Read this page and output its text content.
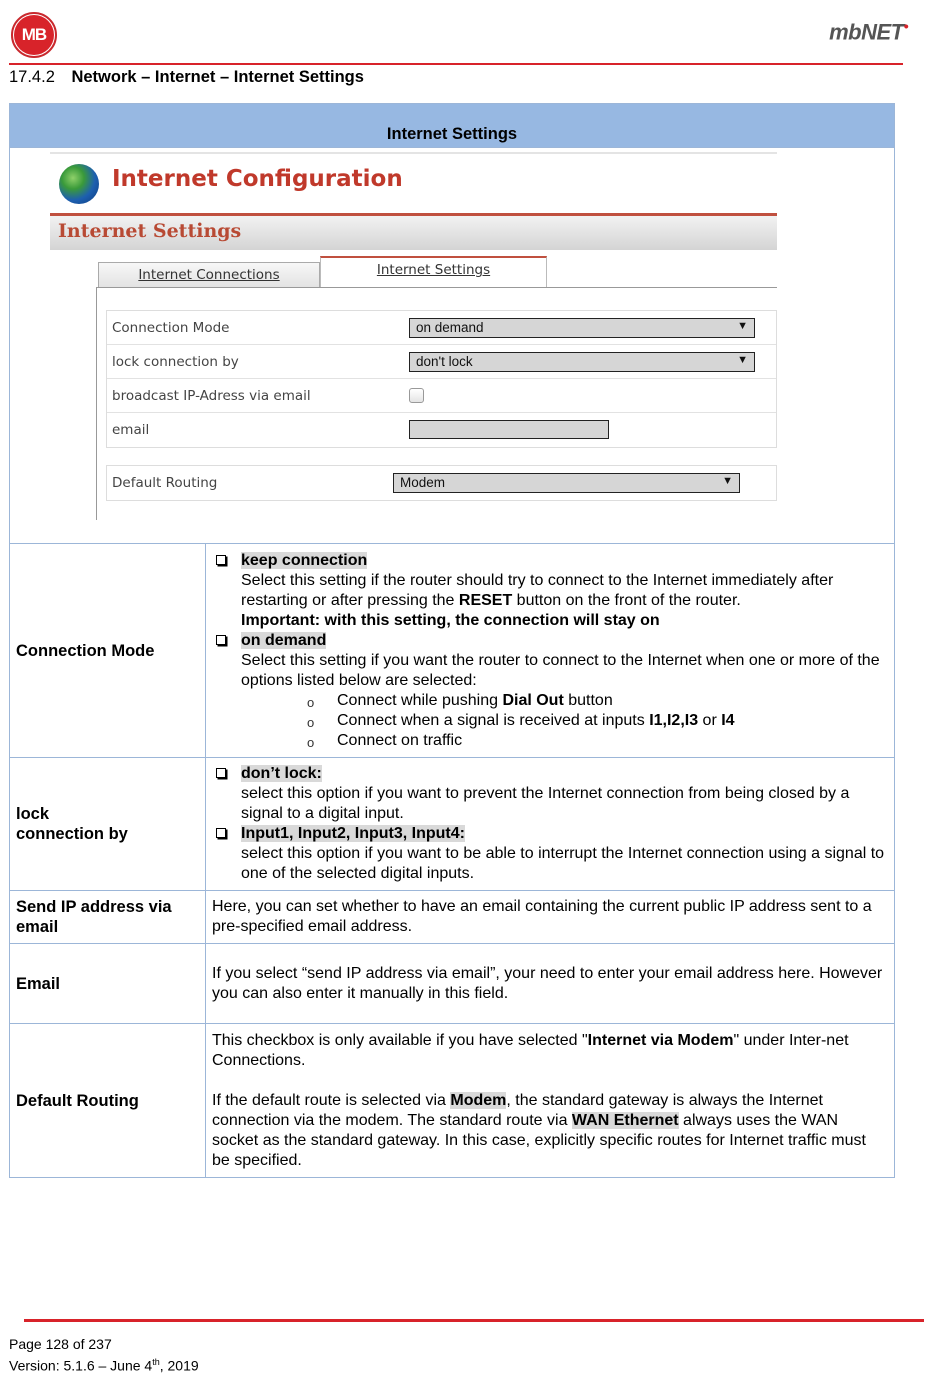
MB	mbNET•
17.4.2 Network – Internet – Internet Settings
Internet Settings	

Internet Configuration
Internet Settings
Internet Connections	Internet Settings
Connection Mode	on demand	▼
lock connection by	don't lock	▼
broadcast IP-Adress via email
email
Default Routing	Modem	▼

Connection Mode	
keep connection
Select this setting if the router should try to connect to the Internet immediately after restarting or after pressing the RESET button on the front of the router.
Important: with this setting, the connection will stay on
on demand
Select this setting if you want the router to connect to the Internet when one or more of the options listed below are selected:
o Connect while pushing Dial Out button
o Connect when a signal is received at inputs I1,I2,I3 or I4
o Connect on traffic

lock
connection by	
don’t lock:
select this option if you want to prevent the Internet connection from being closed by a signal to a digital input.
Input1, Input2, Input3, Input4:
select this option if you want to be able to interrupt the Internet connection using a signal to one of the selected digital inputs.

Send IP address via email	Here, you can set whether to have an email containing the current public IP address sent to a pre-specified email address.
Email	If you select “send IP address via email”, your need to enter your email address here. However you can also enter it manually in this field.
Default Routing	This checkbox is only available if you have selected "Internet via Modem" under Inter-net Connections.

If the default route is selected via Modem, the standard gateway is always the Internet connection via the modem. The standard route via WAN Ethernet always uses the WAN socket as the standard gateway. In this case, explicitly specific routes for Internet traffic must be specified.

Page 128 of 237
Version: 5.1.6 – June 4th, 2019
